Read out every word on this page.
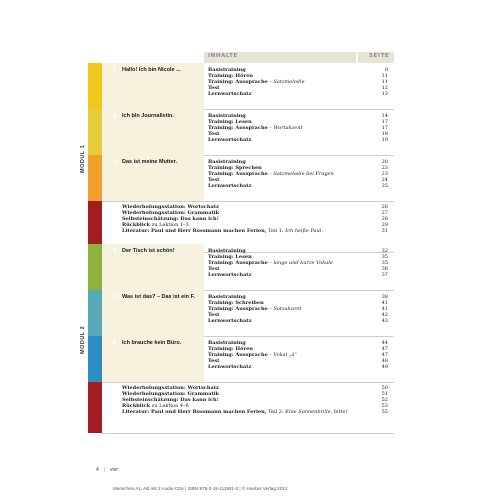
INHALTE	SEITE
1 Hallo! Ich bin Nicole ...	Basistraining	8
Training: Hören	11
Training: Aussprache – Satzmelodie	11
Test	12
Lernwortschatz	13
2 Ich bin Journalistin.	Basistraining	14
Training: Lesen	17
Training: Aussprache – Wortakzent	17
Test	18
Lernwortschatz	19
3 Das ist meine Mutter.	Basistraining	20
Training: Sprechen	23
Training: Aussprache – Satzmelodie bei Fragen	23
Test	24
Lernwortschatz	25
Wiederholungsstation: Wortschatz	26
Wiederholungsstation: Grammatik	27
Selbsteinschätzung: Das kann ich!	28
Rückblick zu Lektion 1–3	29
Literatur: Paul und Herr Rossmann machen Ferien, Teil 1: Ich heiße Paul.	31
MODUL 1
4 Der Tisch ist schön!	Basistraining	32
Training: Lesen	35
Training: Aussprache – lange und kurze Vokale	35
Test	36
Lernwortschatz	37
5 Was ist das? – Das ist ein F.	Basistraining	38
Training: Schreiben	41
Training: Aussprache – Satzakzent	41
Test	42
Lernwortschatz	43
6 Ich brauche kein Büro.	Basistraining	44
Training: Hören	47
Training: Aussprache – Vokal „ä“	47
Test	48
Lernwortschatz	49
Wiederholungsstation: Wortschatz	50
Wiederholungsstation: Grammatik	51
Selbsteinschätzung: Das kann ich!	52
Rückblick zu Lektion 4–6	53
Literatur: Paul und Herr Rossmann machen Ferien, Teil 2: Eine Sonnenbrille, bitte!	55
MODUL 2
4 | vier
Menschen A1, AB mit 2 Audio-CDs | ISBN 978-3-19-111901-0 | © Hueber Verlag 2012
